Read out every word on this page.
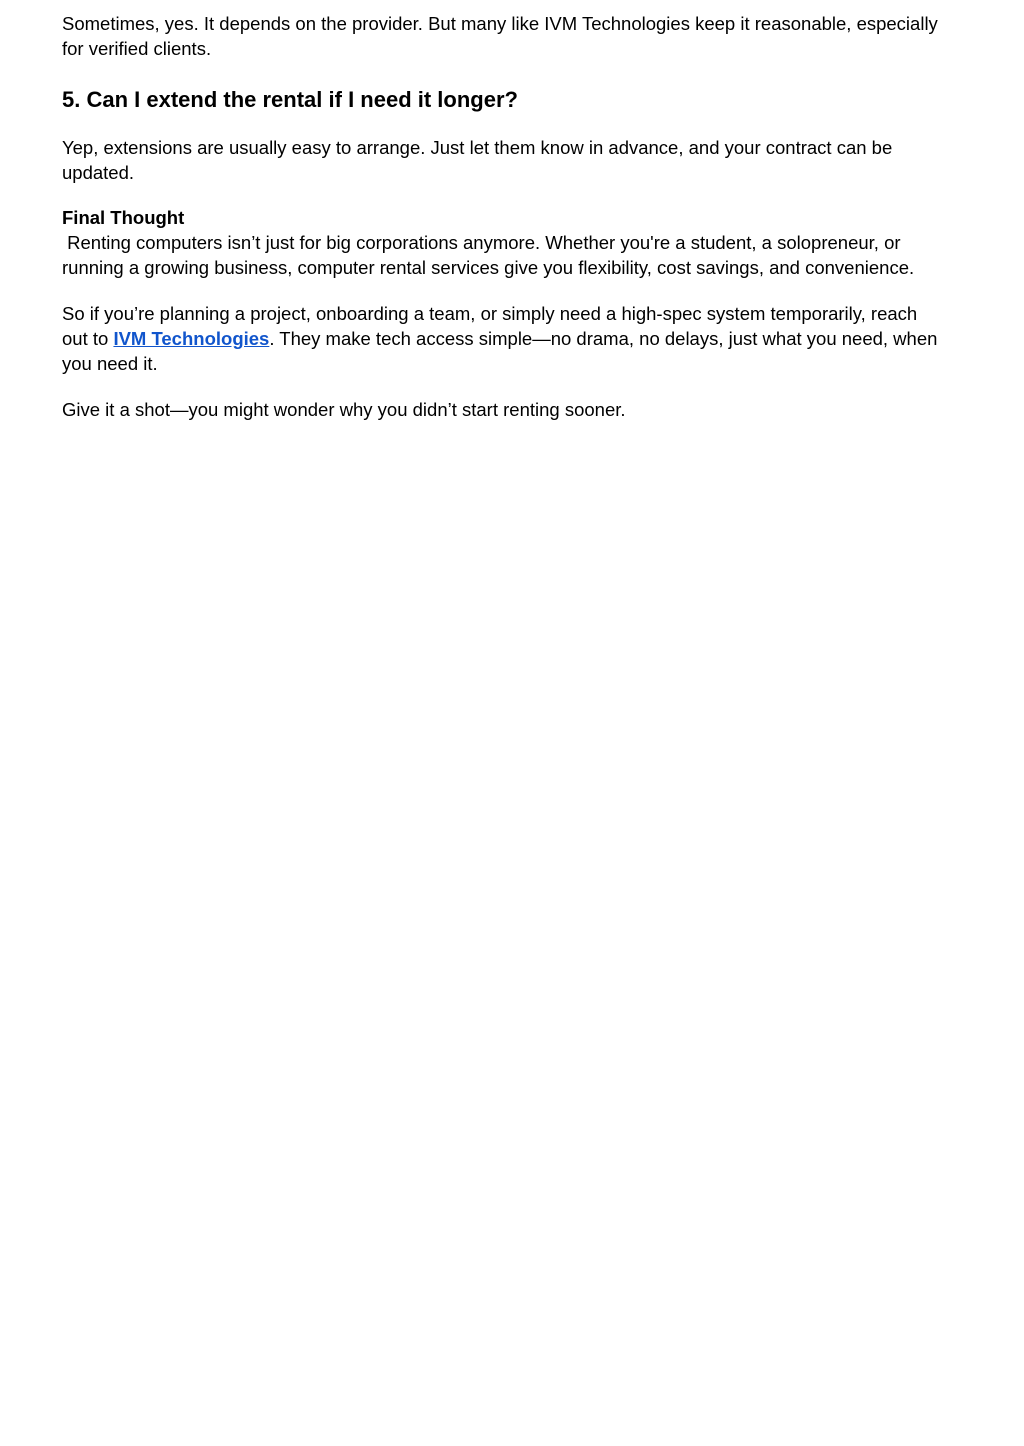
Sometimes, yes. It depends on the provider. But many like IVM Technologies keep it reasonable, especially
for verified clients.

5. Can I extend the rental if I need it longer?

Yep, extensions are usually easy to arrange. Just let them know in advance, and your contract can be
updated.

Final Thought
Renting computers isn’t just for big corporations anymore. Whether you're a student, a solopreneur, or
running a growing business, computer rental services give you flexibility, cost savings, and convenience.

So if you’re planning a project, onboarding a team, or simply need a high-spec system temporarily, reach
out to IVM Technologies. They make tech access simple—no drama, no delays, just what you need, when
you need it.

Give it a shot—you might wonder why you didn’t start renting sooner.
